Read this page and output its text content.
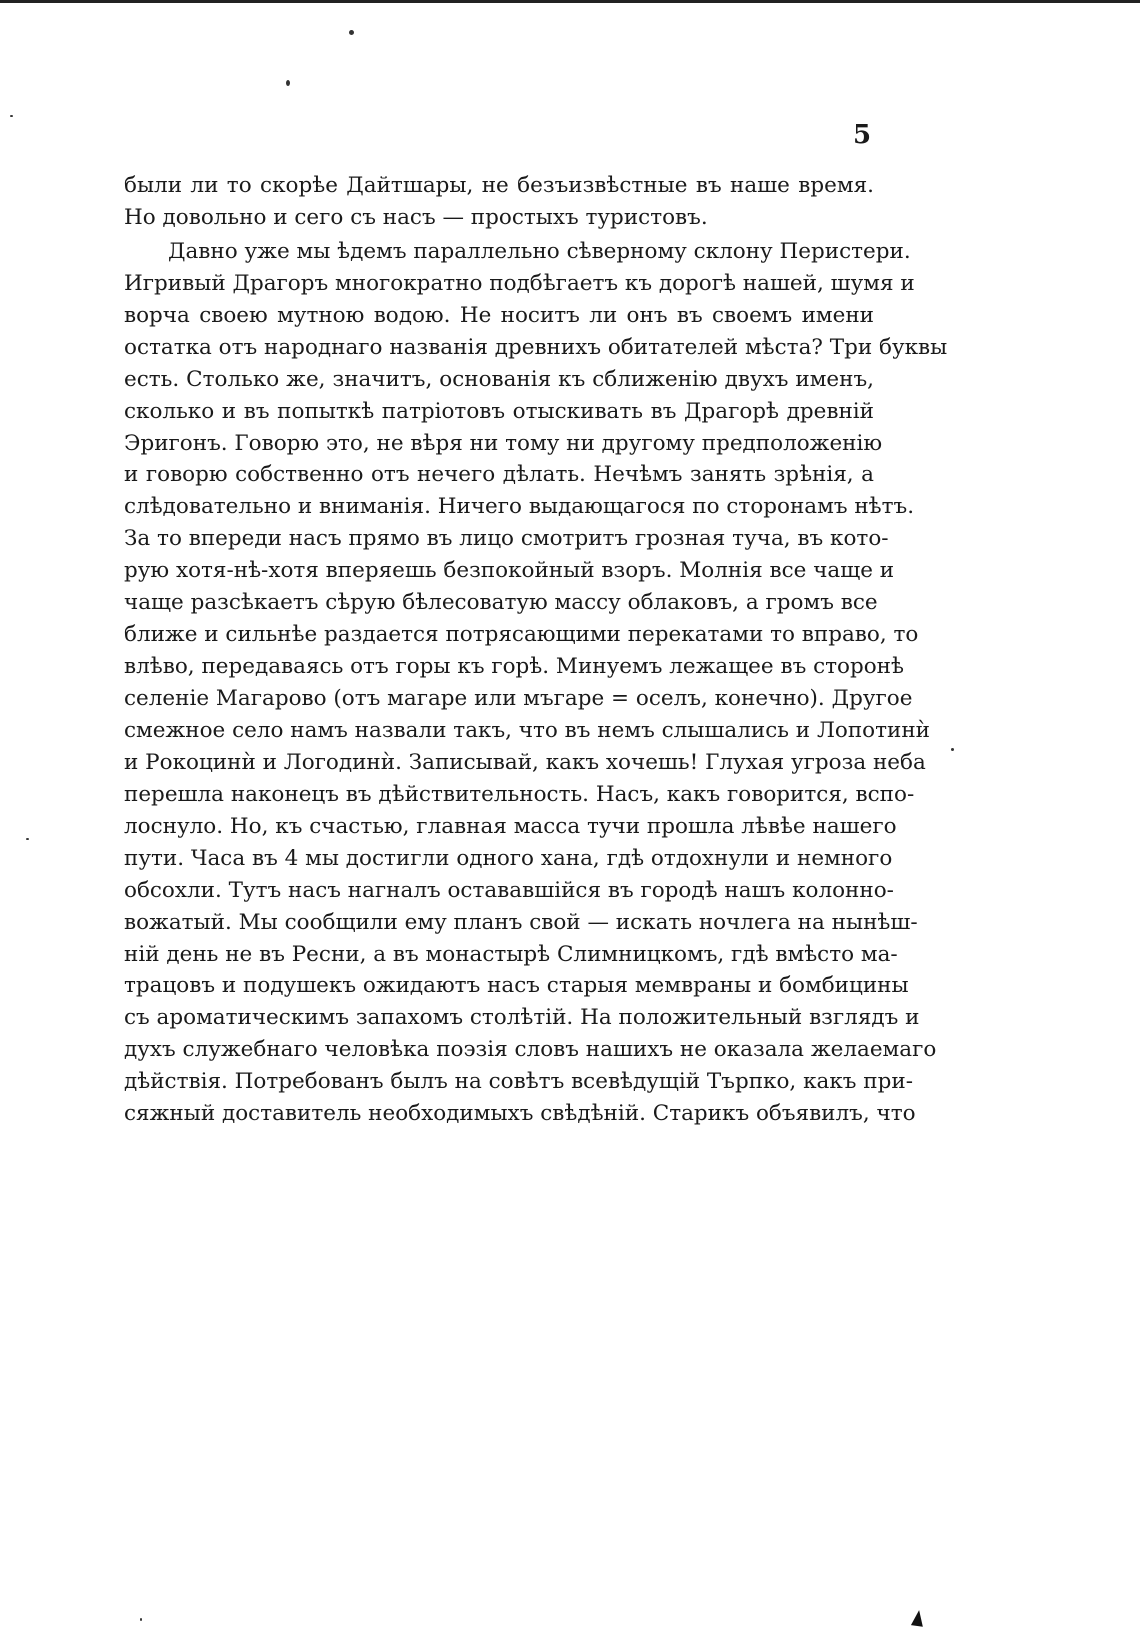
5
были ли то скорѣе Дайтшары, не безъизвѣстные въ наше время.
Но довольно и сего съ насъ — простыхъ туристовъ.
Давно уже мы ѣдемъ параллельно сѣверному склону Перистери.
Игривый Драгоръ многократно подбѣгаетъ къ дорогѣ нашей, шумя и
ворча своею мутною водою. Не носитъ ли онъ въ своемъ имени
остатка отъ народнаго названія древнихъ обитателей мѣста? Три буквы
есть. Столько же, значитъ, основанія къ сближенію двухъ именъ,
сколько и въ попыткѣ патріотовъ отыскивать въ Драгорѣ древній
Эригонъ. Говорю это, не вѣря ни тому ни другому предположенію
и говорю собственно отъ нечего дѣлать. Нечѣмъ занять зрѣнія, а
слѣдовательно и вниманія. Ничего выдающагося по сторонамъ нѣтъ.
За то впереди насъ прямо въ лицо смотритъ грозная туча, въ кото-
рую хотя-нѣ-хотя вперяешь безпокойный взоръ. Молнія все чаще и
чаще разсѣкаетъ сѣрую бѣлесоватую массу облаковъ, а громъ все
ближе и сильнѣе раздается потрясающими перекатами то вправо, то
влѣво, передаваясь отъ горы къ горѣ. Минуемъ лежащее въ сторонѣ
селеніе Магарово (отъ магаре или мъгаре = оселъ, конечно). Другое
смежное село намъ назвали такъ, что въ немъ слышались и Лопотинѝ
и Рокоцинѝ и Логодинѝ. Записывай, какъ хочешь! Глухая угроза неба
перешла наконецъ въ дѣйствительность. Насъ, какъ говорится, вспо-
лоснуло. Но, къ счастью, главная масса тучи прошла лѣвѣе нашего
пути. Часа въ 4 мы достигли одного хана, гдѣ отдохнули и немного
обсохли. Тутъ насъ нагналъ остававшійся въ городѣ нашъ колонно-
вожатый. Мы сообщили ему планъ свой — искать ночлега на нынѣш-
ній день не въ Ресни, а въ монастырѣ Слимницкомъ, гдѣ вмѣсто ма-
трацовъ и подушекъ ожидаютъ насъ старыя мемвраны и бомбицины
съ ароматическимъ запахомъ столѣтій. На положительный взглядъ и
духъ служебнаго человѣка поэзія словъ нашихъ не оказала желаемаго
дѣйствія. Потребованъ былъ на совѣтъ всевѣдущій Търпко, какъ при-
сяжный доставитель необходимыхъ свѣдѣній. Старикъ объявилъ, что
